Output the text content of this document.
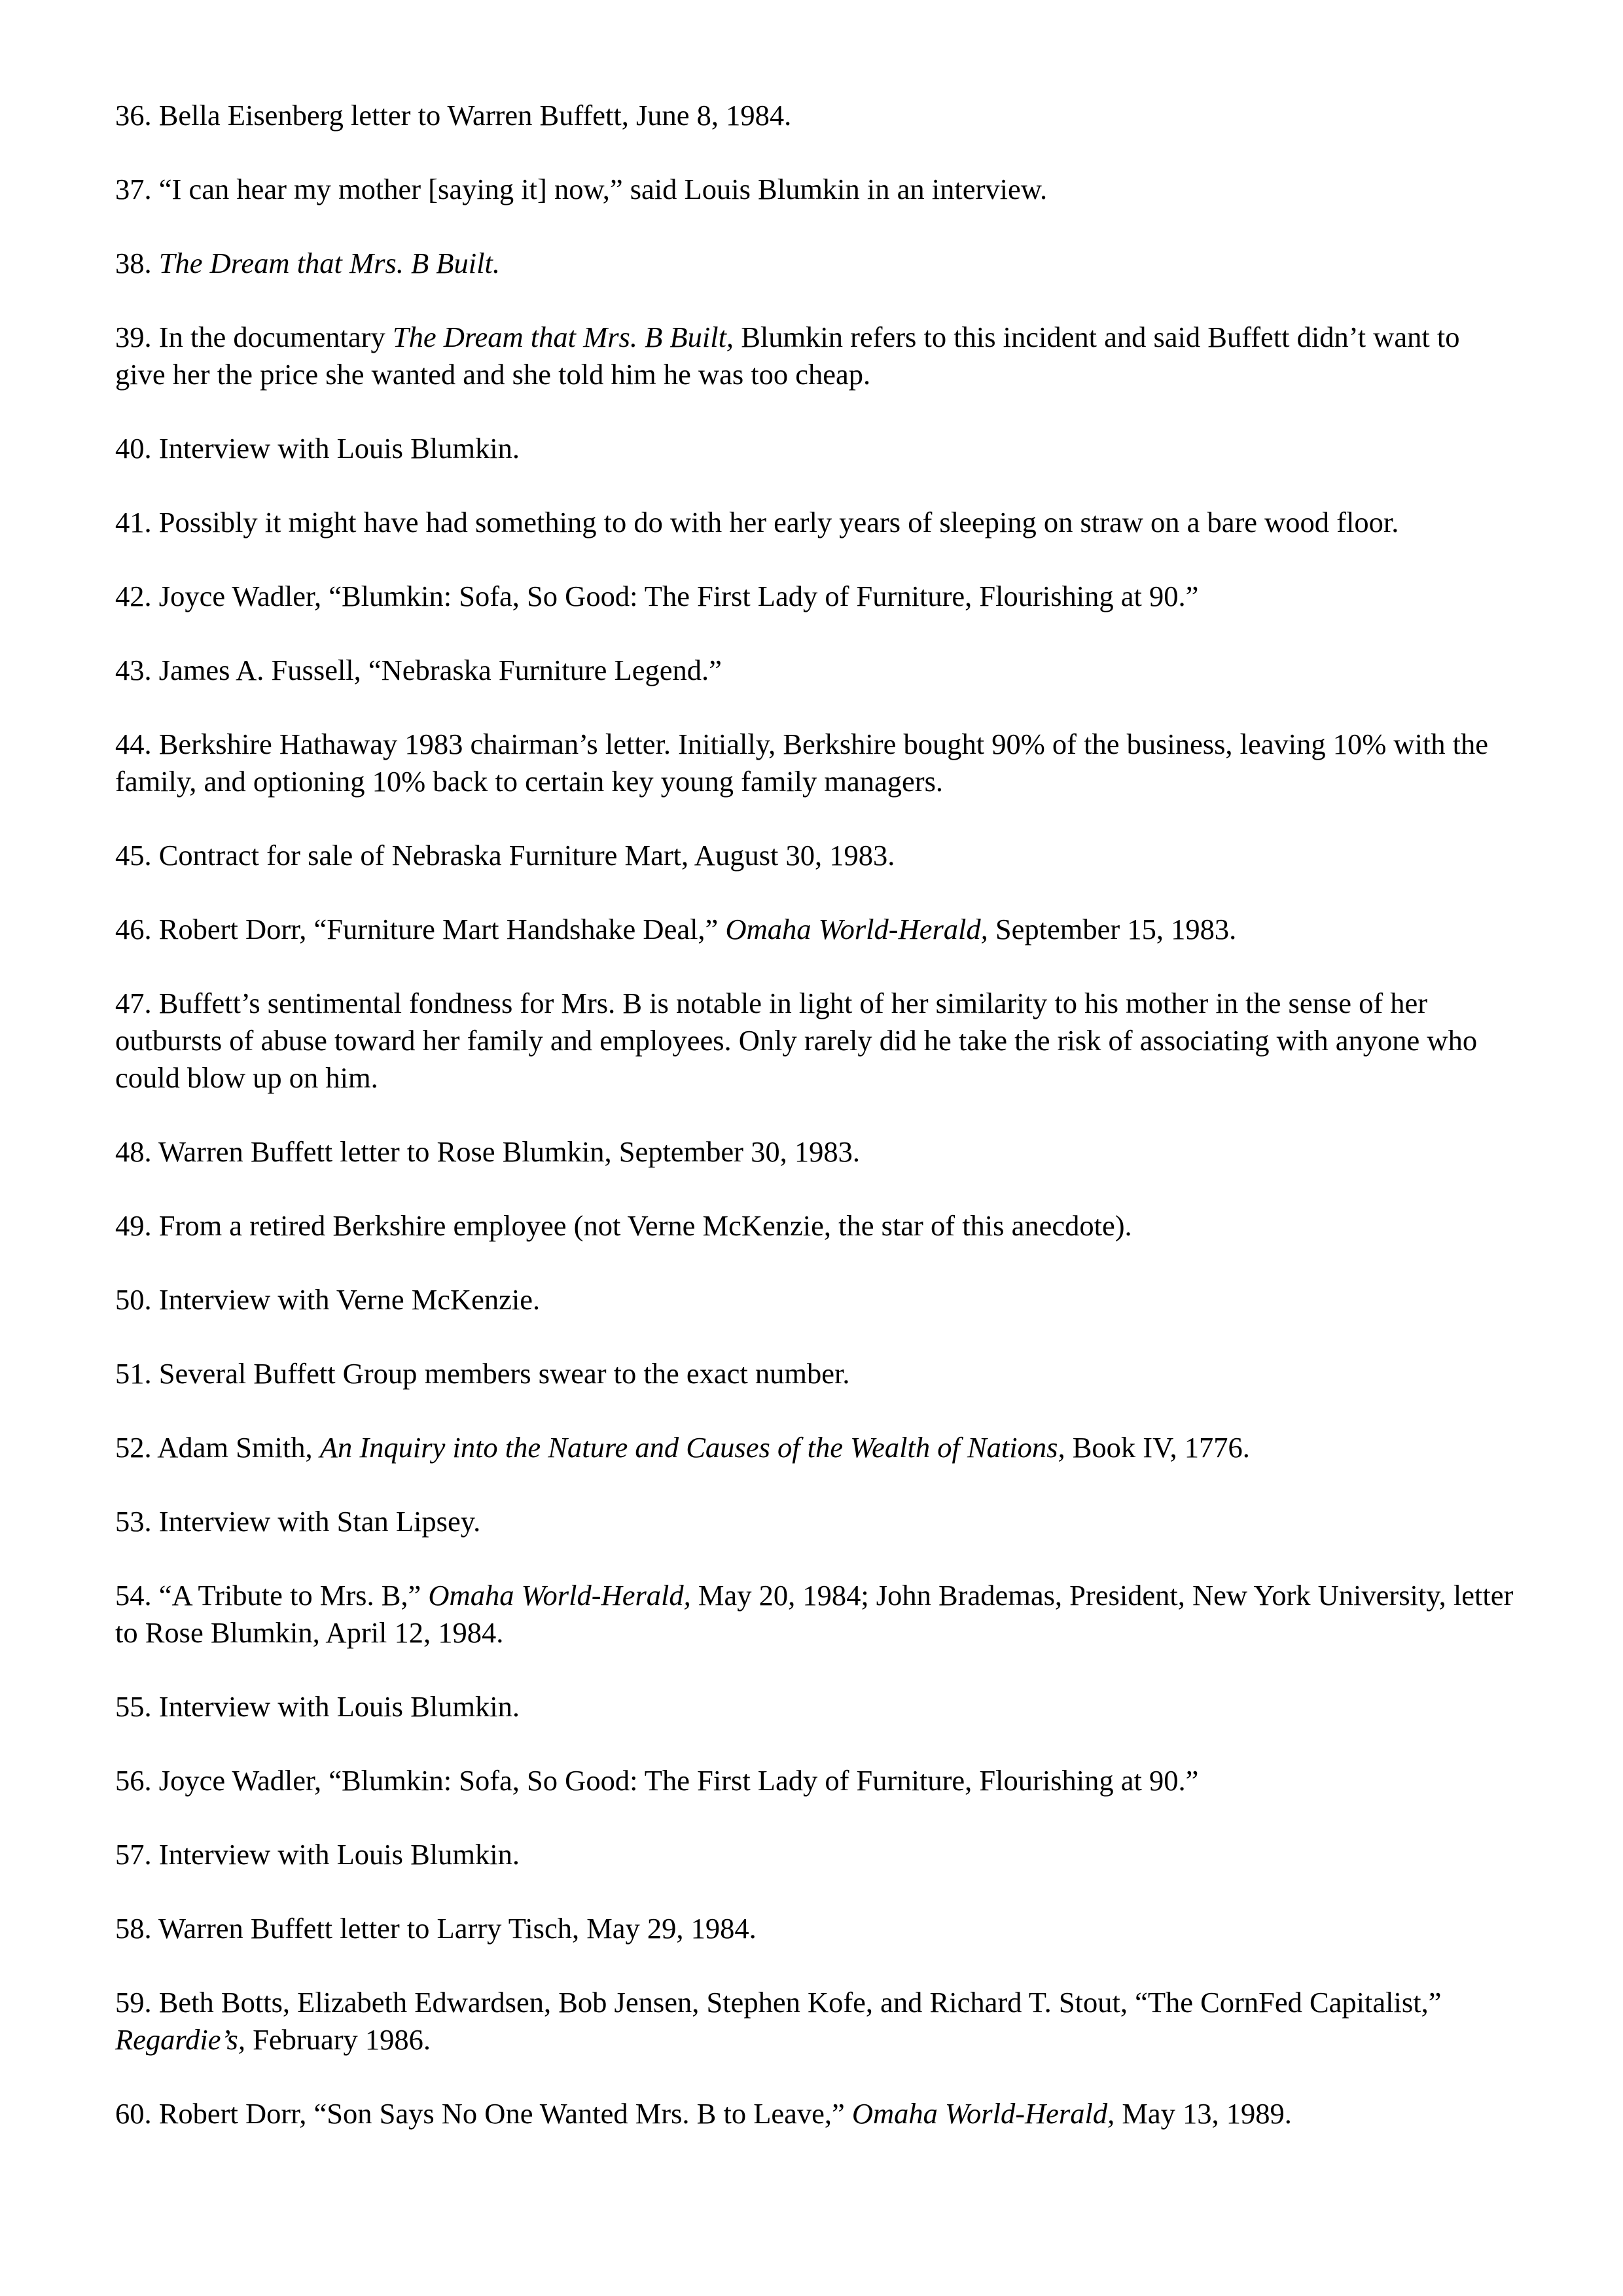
36. Bella Eisenberg letter to Warren Buffett, June 8, 1984.

37. “I can hear my mother [saying it] now,” said Louis Blumkin in an interview.

38. The Dream that Mrs. B Built.

39. In the documentary The Dream that Mrs. B Built, Blumkin refers to this incident and said Buffett didn’t want to give her the price she wanted and she told him he was too cheap.

40. Interview with Louis Blumkin.

41. Possibly it might have had something to do with her early years of sleeping on straw on a bare wood floor.

42. Joyce Wadler, “Blumkin: Sofa, So Good: The First Lady of Furniture, Flourishing at 90.”

43. James A. Fussell, “Nebraska Furniture Legend.”

44. Berkshire Hathaway 1983 chairman’s letter. Initially, Berkshire bought 90% of the business, leaving 10% with the family, and optioning 10% back to certain key young family managers.

45. Contract for sale of Nebraska Furniture Mart, August 30, 1983.

46. Robert Dorr, “Furniture Mart Handshake Deal,” Omaha World-Herald, September 15, 1983.

47. Buffett’s sentimental fondness for Mrs. B is notable in light of her similarity to his mother in the sense of her outbursts of abuse toward her family and employees. Only rarely did he take the risk of associating with anyone who could blow up on him.

48. Warren Buffett letter to Rose Blumkin, September 30, 1983.

49. From a retired Berkshire employee (not Verne McKenzie, the star of this anecdote).

50. Interview with Verne McKenzie.

51. Several Buffett Group members swear to the exact number.

52. Adam Smith, An Inquiry into the Nature and Causes of the Wealth of Nations, Book IV, 1776.

53. Interview with Stan Lipsey.

54. “A Tribute to Mrs. B,” Omaha World-Herald, May 20, 1984; John Brademas, President, New York University, letter to Rose Blumkin, April 12, 1984.

55. Interview with Louis Blumkin.

56. Joyce Wadler, “Blumkin: Sofa, So Good: The First Lady of Furniture, Flourishing at 90.”

57. Interview with Louis Blumkin.

58. Warren Buffett letter to Larry Tisch, May 29, 1984.

59. Beth Botts, Elizabeth Edwardsen, Bob Jensen, Stephen Kofe, and Richard T. Stout, “The CornFed Capitalist,” Regardie’s, February 1986.

60. Robert Dorr, “Son Says No One Wanted Mrs. B to Leave,” Omaha World-Herald, May 13, 1989.
